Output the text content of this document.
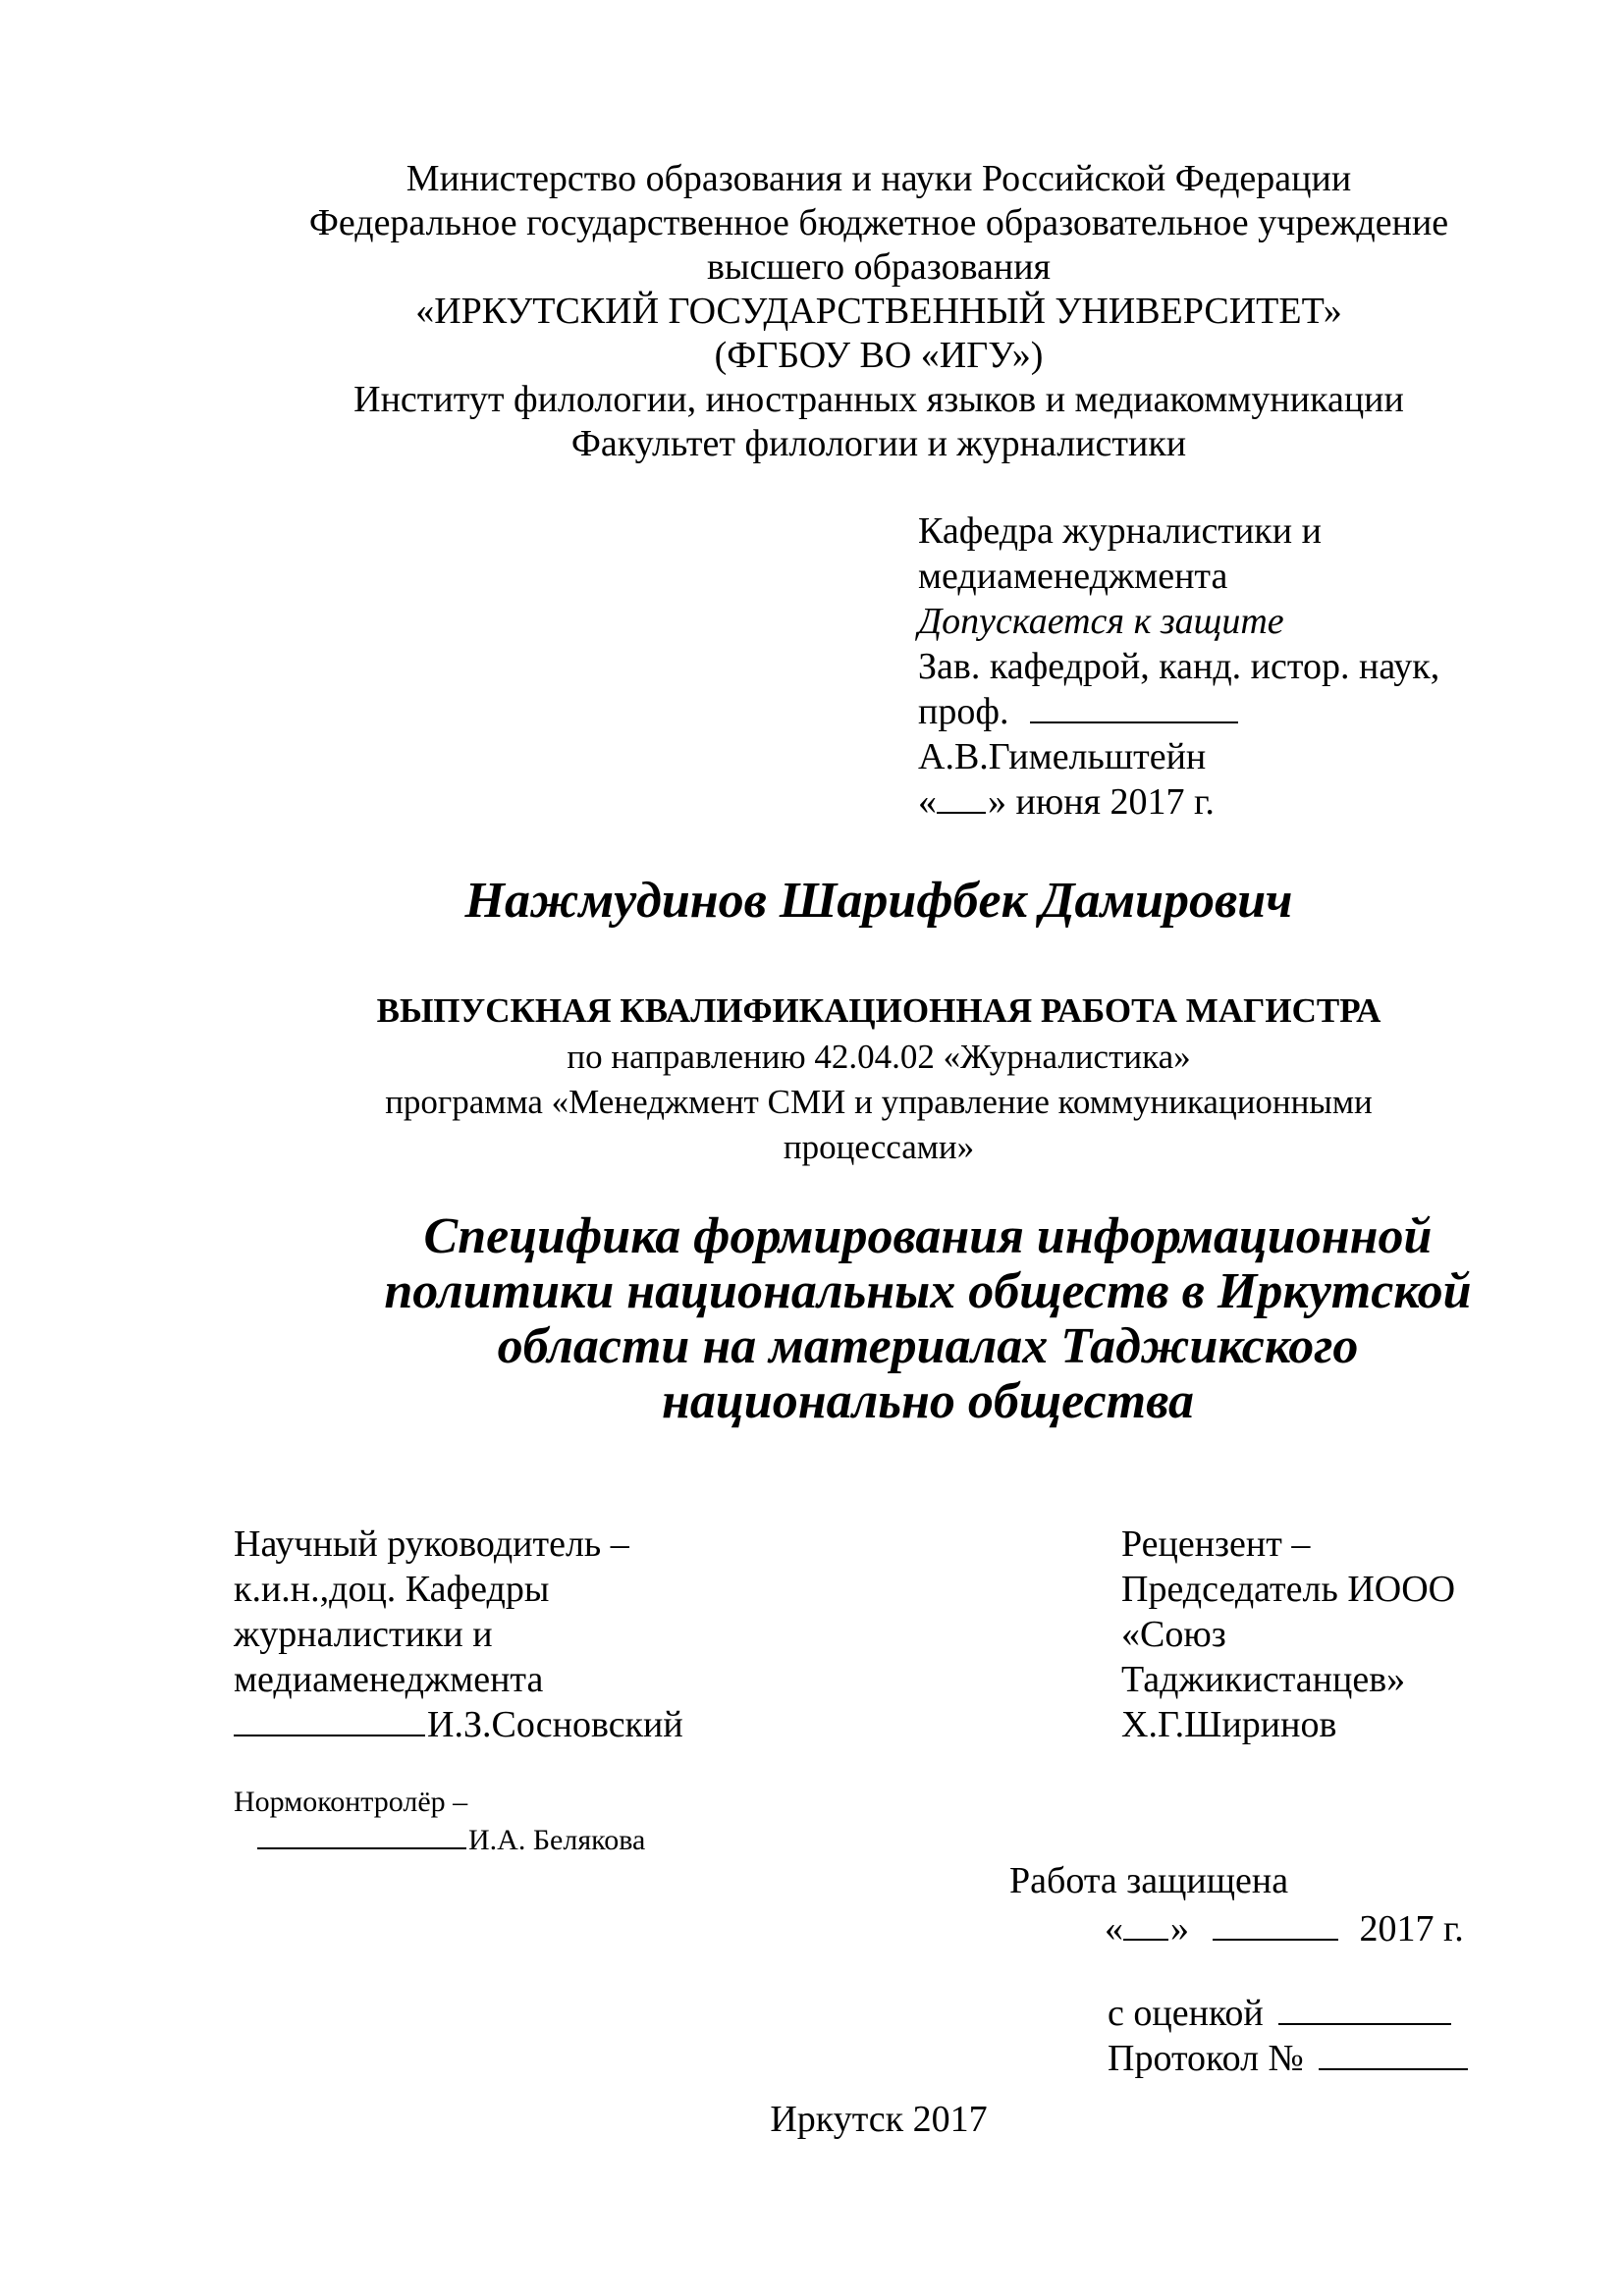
Министерство образования и науки Российской Федерации
Федеральное государственное бюджетное образовательное учреждение
высшего образования
«ИРКУТСКИЙ ГОСУДАРСТВЕННЫЙ УНИВЕРСИТЕТ»
(ФГБОУ ВО «ИГУ»)
Институт филологии, иностранных языков и медиакоммуникации
Факультет филологии и журналистики
Кафедра журналистики и
медиаменеджмента
Допускается к защите
Зав. кафедрой, канд. истор. наук,
проф.
А.В.Гимельштейн
« » июня 2017 г.
Нажмудинов Шарифбек Дамирович
ВЫПУСКНАЯ КВАЛИФИКАЦИОННАЯ РАБОТА МАГИСТРА
по направлению 42.04.02 «Журналистика»
программа «Менеджмент СМИ и управление коммуникационными
процессами»
Специфика формирования информационной
политики национальных обществ в Иркутской
области на материалах Таджикского
национально общества
Научный руководитель –
к.и.н.,доц. Кафедры
журналистики и
медиаменеджмента
И.З.Сосновский
Рецензент –
Председатель ИООО
«Союз
Таджикистанцев»
Х.Г.Ширинов
Нормоконтролёр –
И.А. Белякова
Работа защищена
« »	2017 г.
с оценкой
Протокол №
Иркутск 2017
